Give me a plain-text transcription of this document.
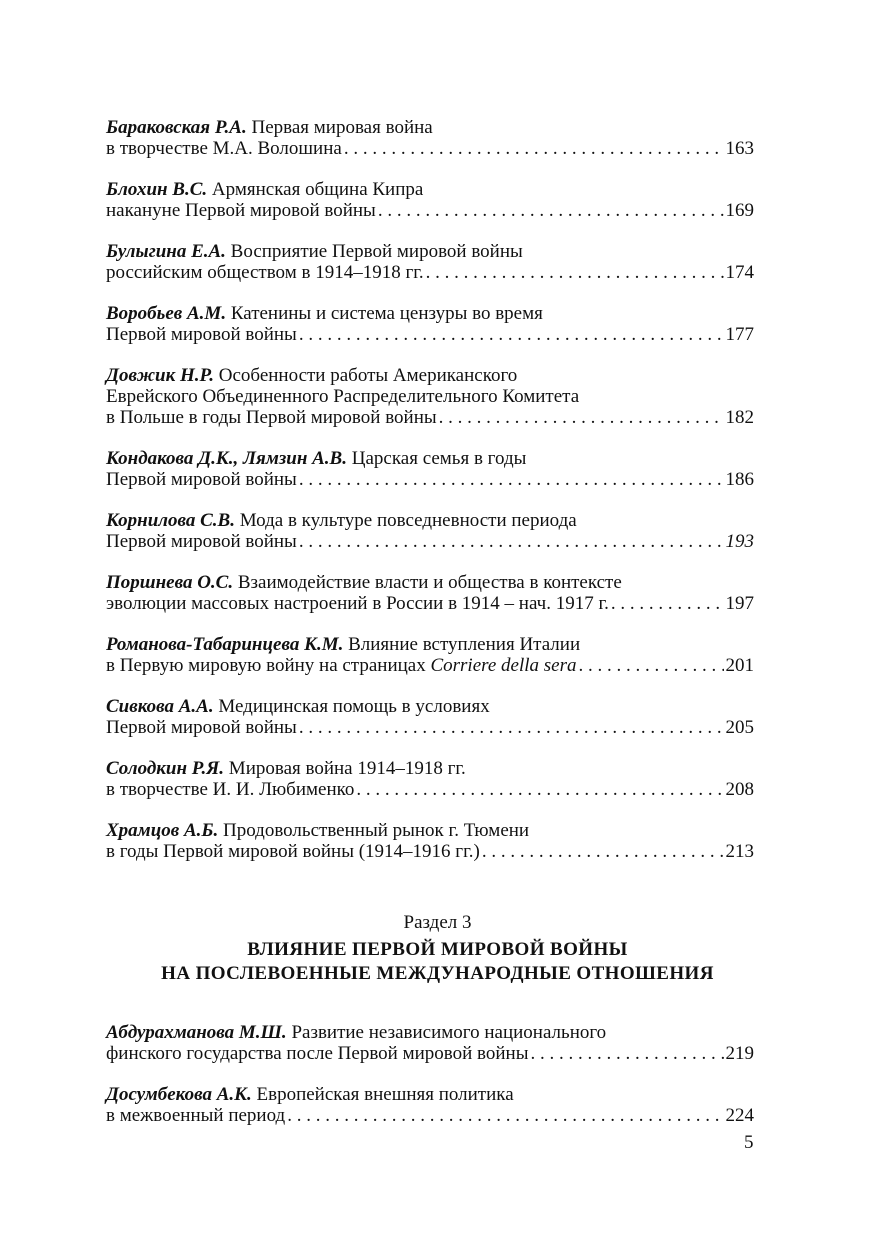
Бараковская Р.А. Первая мировая война
в творчестве М.А. Волошина . . .	163
Блохин В.С. Армянская община Кипра
накануне Первой мировой войны . . .	169
Булыгина Е.А. Восприятие Первой мировой войны
российским обществом в 1914–1918 гг. . . .	174
Воробьев А.М. Катенины и система цензуры во время
Первой мировой войны . . .	177
Довжик Н.Р. Особенности работы Американского
Еврейского Объединенного Распределительного Комитета
в Польше в годы Первой мировой войны . . .	182
Кондакова Д.К., Лямзин А.В. Царская семья в годы
Первой мировой войны . . .	186
Корнилова С.В. Мода в культуре повседневности периода
Первой мировой войны . . .	193
Поршнева О.С. Взаимодействие власти и общества в контексте
эволюции массовых настроений в России в 1914 – нач. 1917 г. . . .	197
Романова-Табаринцева К.М. Влияние вступления Италии
в Первую мировую войну на страницах Corriere della sera . . .	201
Сивкова А.А. Медицинская помощь в условиях
Первой мировой войны . . .	205
Солодкин Р.Я. Мировая война 1914–1918 гг.
в творчестве И. И. Любименко . . .	208
Храмцов А.Б. Продовольственный рынок г. Тюмени
в годы Первой мировой войны (1914–1916 гг.) . . .	213
Раздел 3
ВЛИЯНИЕ ПЕРВОЙ МИРОВОЙ ВОЙНЫ
НА ПОСЛЕВОЕННЫЕ МЕЖДУНАРОДНЫЕ ОТНОШЕНИЯ
Абдурахманова М.Ш. Развитие независимого национального
финского государства после Первой мировой войны . . .	219
Досумбекова А.К. Европейская внешняя политика
в межвоенный период . . .	224
5
